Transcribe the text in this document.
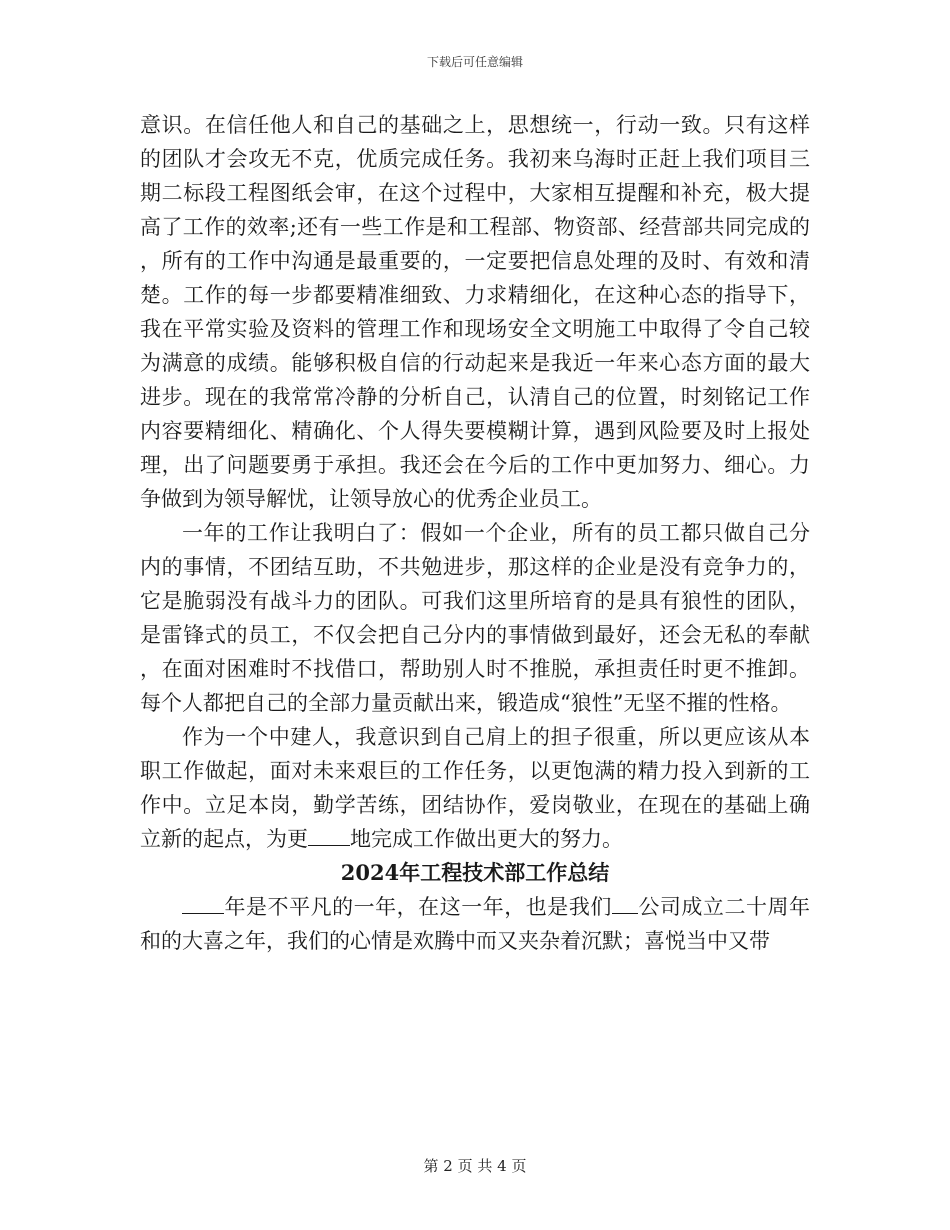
下载后可任意编辑

意识。在信任他人和自己的基础之上，思想统一，行动一致。只有这样的团队才会攻无不克，优质完成任务。我初来乌海时正赶上我们项目三期二标段工程图纸会审，在这个过程中，大家相互提醒和补充，极大提高了工作的效率;还有一些工作是和工程部、物资部、经营部共同完成的，所有的工作中沟通是最重要的，一定要把信息处理的及时、有效和清楚。工作的每一步都要精准细致、力求精细化，在这种心态的指导下，我在平常实验及资料的管理工作和现场安全文明施工中取得了令自己较为满意的成绩。能够积极自信的行动起来是我近一年来心态方面的最大进步。现在的我常常冷静的分析自己，认清自己的位置，时刻铭记工作内容要精细化、精确化、个人得失要模糊计算，遇到风险要及时上报处理，出了问题要勇于承担。我还会在今后的工作中更加努力、细心。力争做到为领导解忧，让领导放心的优秀企业员工。

一年的工作让我明白了：假如一个企业，所有的员工都只做自己分内的事情，不团结互助，不共勉进步，那这样的企业是没有竞争力的，它是脆弱没有战斗力的团队。可我们这里所培育的是具有狼性的团队，是雷锋式的员工，不仅会把自己分内的事情做到最好，还会无私的奉献，在面对困难时不找借口，帮助别人时不推脱，承担责任时更不推卸。每个人都把自己的全部力量贡献出来，锻造成“狼性”无坚不摧的性格。

作为一个中建人，我意识到自己肩上的担子很重，所以更应该从本职工作做起，面对未来艰巨的工作任务，以更饱满的精力投入到新的工作中。立足本岗，勤学苦练，团结协作，爱岗敬业，在现在的基础上确立新的起点，为更 地完成工作做出更大的努力。

2024年工程技术部工作总结

年是不平凡的一年，在这一年，也是我们 公司成立二十周年和的大喜之年，我们的心情是欢腾中而又夹杂着沉默；喜悦当中又带

第 2 页 共 4 页
